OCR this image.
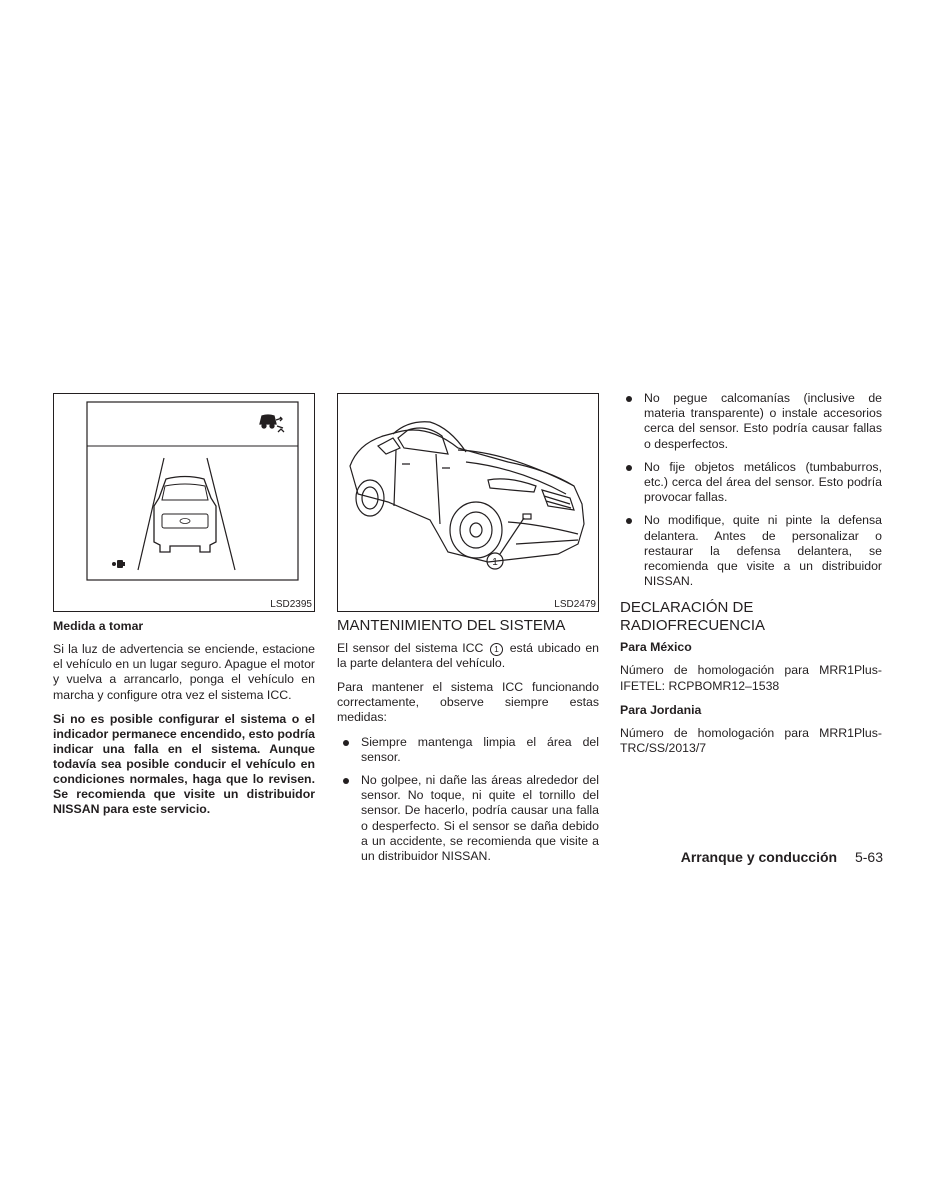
LSD2395
Medida a tomar

Si la luz de advertencia se enciende, estacione el vehículo en un lugar seguro. Apague el motor y vuelva a arrancarlo, ponga el vehículo en marcha y configure otra vez el sistema ICC.

Si no es posible configurar el sistema o el indicador permanece encendido, esto podría indicar una falla en el sistema. Aunque todavía sea posible conducir el vehículo en condiciones normales, haga que lo revisen. Se recomienda que visite un distribuidor NISSAN para este servicio.

1
LSD2479
MANTENIMIENTO DEL SISTEMA

El sensor del sistema ICC 1 está ubicado en la parte delantera del vehículo.

Para mantener el sistema ICC funcionando correctamente, observe siempre estas medidas:

Siempre mantenga limpia el área del sensor.
No golpee, ni dañe las áreas alrededor del sensor. No toque, ni quite el tornillo del sensor. De hacerlo, podría causar una falla o desperfecto. Si el sensor se daña debido a un accidente, se recomienda que visite a un distribuidor NISSAN.
No pegue calcomanías (inclusive de materia transparente) o instale accesorios cerca del sensor. Esto podría causar fallas o desperfectos.
No fije objetos metálicos (tumbaburros, etc.) cerca del área del sensor. Esto podría provocar fallas.
No modifique, quite ni pinte la defensa delantera. Antes de personalizar o restaurar la defensa delantera, se recomienda que visite a un distribuidor NISSAN.
DECLARACIÓN DE
RADIOFRECUENCIA
Para México

Número de homologación para MRR1Plus- IFETEL: RCPBOMR12–1538

Para Jordania

Número de homologación para MRR1Plus-TRC/SS/2013/7

Arranque y conducción 5-63
